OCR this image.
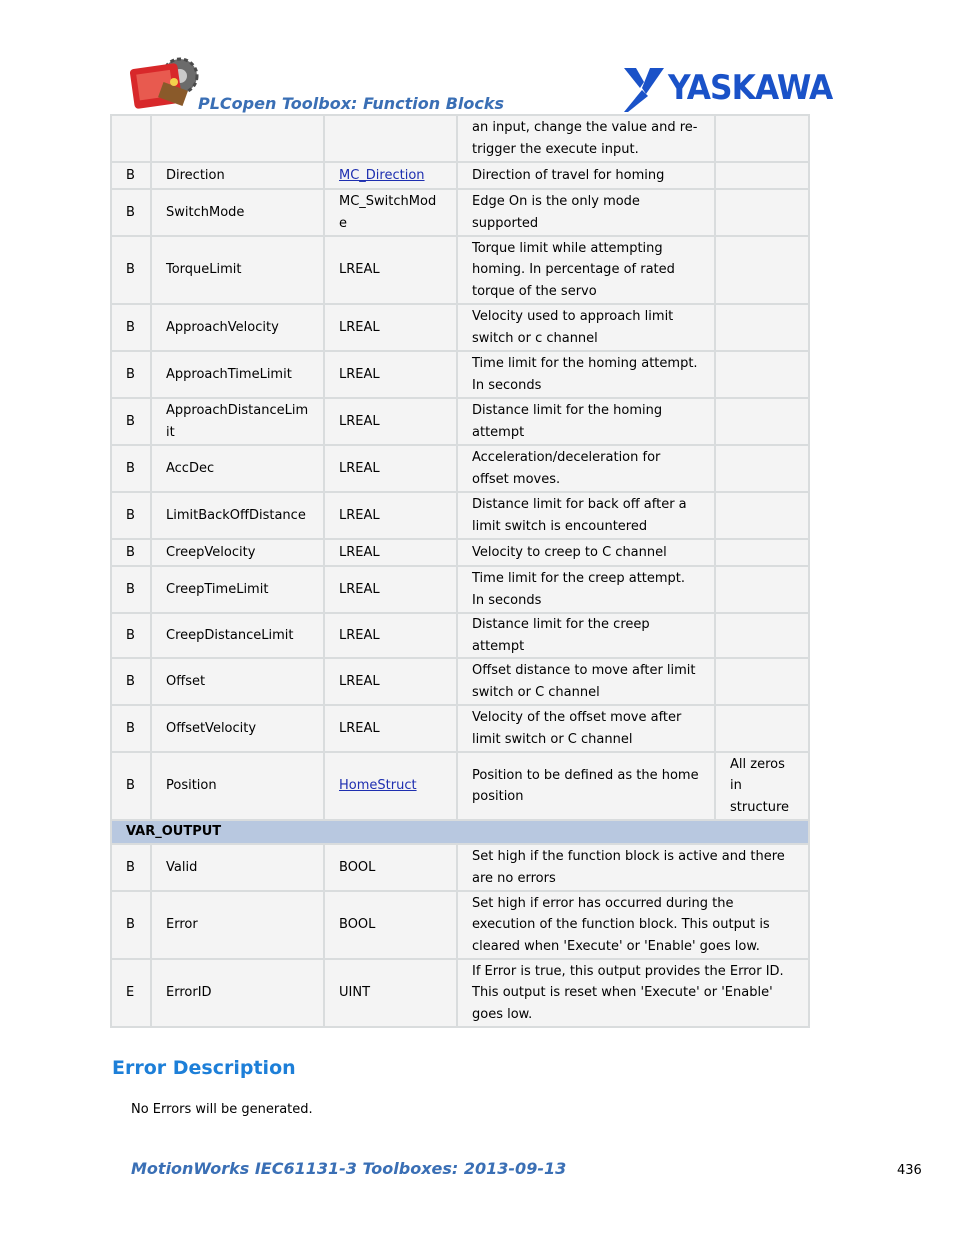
PLCopen Toolbox: Function Blocks	YASKAWA
			an input, change the value and re-trigger the execute input.	
B	Direction	MC_Direction	Direction of travel for homing	
B	SwitchMode	MC_SwitchMode	Edge On is the only mode supported	
B	TorqueLimit	LREAL	Torque limit while attempting homing. In percentage of rated torque of the servo	
B	ApproachVelocity	LREAL	Velocity used to approach limit switch or c channel	
B	ApproachTimeLimit	LREAL	Time limit for the homing attempt. In seconds	
B	ApproachDistanceLimit	LREAL	Distance limit for the homing attempt	
B	AccDec	LREAL	Acceleration/deceleration for offset moves.	
B	LimitBackOffDistance	LREAL	Distance limit for back off after a limit switch is encountered	
B	CreepVelocity	LREAL	Velocity to creep to C channel	
B	CreepTimeLimit	LREAL	Time limit for the creep attempt. In seconds	
B	CreepDistanceLimit	LREAL	Distance limit for the creep attempt	
B	Offset	LREAL	Offset distance to move after limit switch or C channel	
B	OffsetVelocity	LREAL	Velocity of the offset move after limit switch or C channel	
B	Position	HomeStruct	Position to be defined as the home position	All zeros in structure
VAR_OUTPUT				
B	Valid	BOOL	Set high if the function block is active and there are no errors	
B	Error	BOOL	Set high if error has occurred during the execution of the function block. This output is cleared when 'Execute' or 'Enable' goes low.	
E	ErrorID	UINT	If Error is true, this output provides the Error ID. This output is reset when 'Execute' or 'Enable' goes low.	
Error Description
No Errors will be generated.
MotionWorks IEC61131-3 Toolboxes: 2013-09-13	436
